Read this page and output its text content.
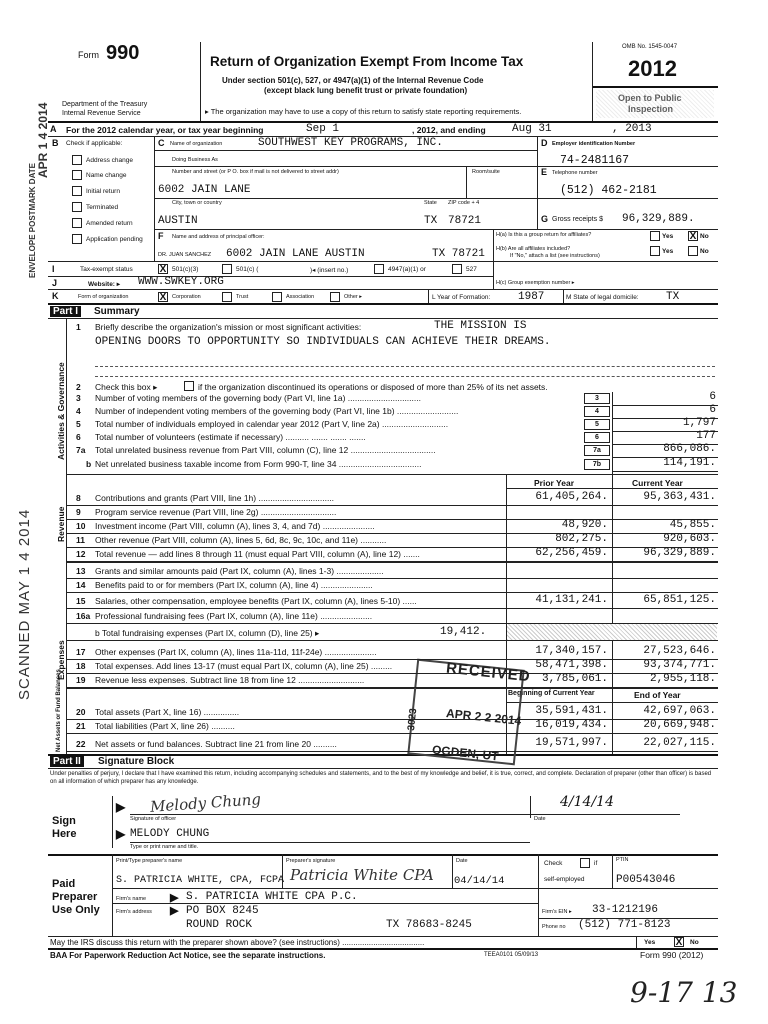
Form 990	Return of Organization Exempt From Income Tax
Under section 501(c), 527, or 4947(a)(1) of the Internal Revenue Code
(except black lung benefit trust or private foundation)
▸ The organization may have to use a copy of this return to satisfy state reporting requirements.
Department of the Treasury
Internal Revenue Service
OMB No. 1545-0047
2012
Open to Public
Inspection
A For the 2012 calendar year, or tax year beginning	Sep 1	, 2012, and ending Aug 31	, 2013
B Check if applicable:
Address change
Name change
Initial return
Terminated
Amended return
Application pending
C Name of organization	SOUTHWEST KEY PROGRAMS, INC.
Doing Business As
Number and street (or P O. box if mail is not delivered to street addr)	Room/suite
6002 JAIN LANE
City, town or country	State ZIP code + 4
AUSTIN	TX 78721
D Employer identification Number
74-2481167
E Telephone number
(512) 462-2181
G Gross receipts $ 96,329,889.
F Name and address of principal officer:
DR. JUAN SANCHEZ 6002 JAIN LANE AUSTIN	TX 78721
H(a) Is this a group return for affiliates?	Yes X No
H(b) Are all affiliates included?
If "No," attach a list (see instructions)
Yes	No
I	Tax-exempt status	X 501(c)(3)	501(c) (	)◂ (insert no.)	4947(a)(1) or	527
J	Website: ▸ WWW.SWKEY.ORG	H(c) Group exemption number ▸
K	Form of organization	X	Corporation	Trust	Association	Other ▸	L Year of Formation:	1987	M State of legal domicile: TX
Part I	Summary
Activities & Governance
Revenue
Expenses
Net Assets or Fund Balances
1 Briefly describe the organization's mission or most significant activities:	THE MISSION IS
OPENING DOORS TO OPPORTUNITY SO INDIVIDUALS CAN ACHIEVE THEIR DREAMS.
2 Check this box ▸	if the organization discontinued its operations or disposed of more than 25% of its net assets.
Prior Year	Current Year
b Total fundraising expenses (Part IX, column (D), line 25) ▸	19,412.
Beginning of Current Year	End of Year
Part II	Signature Block
Under penalties of perjury, I declare that I have examined this return, including accompanying schedules and statements, and to the best of my knowledge and belief, it is true, correct, and complete. Declaration of preparer (other than officer) is based on all information of which preparer has any knowledge.
Sign
Here
▶
▶
Signature of officer
Melody Chung	4/14/14
Date
MELODY CHUNG
Type or print name and title.
Paid
Preparer
Use Only
Print/Type preparer's name	Preparer's signature
Patricia White CPA
Date	Check	if
self-employed
PTIN
S. PATRICIA WHITE, CPA, FCPA	04/14/14	P00543046
Firm's name ▶ S. PATRICIA WHITE CPA P.C.
Firm's address ▶ PO BOX 8245
ROUND ROCK	TX 78683-8245
Firm's EIN ▸ 33-1212196
Phone no (512) 771-8123
May the IRS discuss this return with the preparer shown above? (see instructions) .....................................	Yes X No
BAA For Paperwork Reduction Act Notice, see the separate instructions.	TEEA0101 05/09/13	Form 990 (2012)
SCANNED MAY 1 4 2014
ENVELOPE POSTMARK DATE
APR 1 4 2014
RECEIVED
APR 2 2 2014
3023
OGDEN, UT
9-17 13
3 Number of voting members of the governing body (Part VI, line 1a) ...............................	3	6
4 Number of independent voting members of the governing body (Part VI, line 1b) ..........................	4	6
5 Total number of individuals employed in calendar year 2012 (Part V, line 2a) ............................	5	1,797
6 Total number of volunteers (estimate if necessary) .......... ....... ....... .......	6	177
7a Total unrelated business revenue from Part VIII, column (C), line 12 ....................................	7a	866,086.
b Net unrelated business taxable income from Form 990-T, line 34 ...................................	7b	114,191.
8 Contributions and grants (Part VIII, line 1h) ................................	61,405,264.	95,363,431.
9 Program service revenue (Part VIII, line 2g) ................................
10 Investment income (Part VIII, column (A), lines 3, 4, and 7d) ......................	48,920.	45,855.
11 Other revenue (Part VIII, column (A), lines 5, 6d, 8c, 9c, 10c, and 11e) ...........	802,275.	920,603.
12 Total revenue — add lines 8 through 11 (must equal Part VIII, column (A), line 12) .......	62,256,459.	96,329,889.
13 Grants and similar amounts paid (Part IX, column (A), lines 1-3) ....................
14 Benefits paid to or for members (Part IX, column (A), line 4) ......................
15 Salaries, other compensation, employee benefits (Part IX, column (A), lines 5-10) ......	41,131,241.	65,851,125.
16a Professional fundraising fees (Part IX, column (A), line 11e) ......................
17 Other expenses (Part IX, column (A), lines 11a-11d, 11f-24e) ......................	17,340,157.	27,523,646.
18 Total expenses. Add lines 13-17 (must equal Part IX, column (A), line 25) .........	58,471,398.	93,374,771.
19 Revenue less expenses. Subtract line 18 from line 12 ............................	3,785,061.	2,955,118.
20 Total assets (Part X, line 16) ...............	35,591,431.	42,697,063.
21 Total liabilities (Part X, line 26) ..........	16,019,434.	20,669,948.
22 Net assets or fund balances. Subtract line 21 from line 20 ..........	19,571,997.	22,027,115.
